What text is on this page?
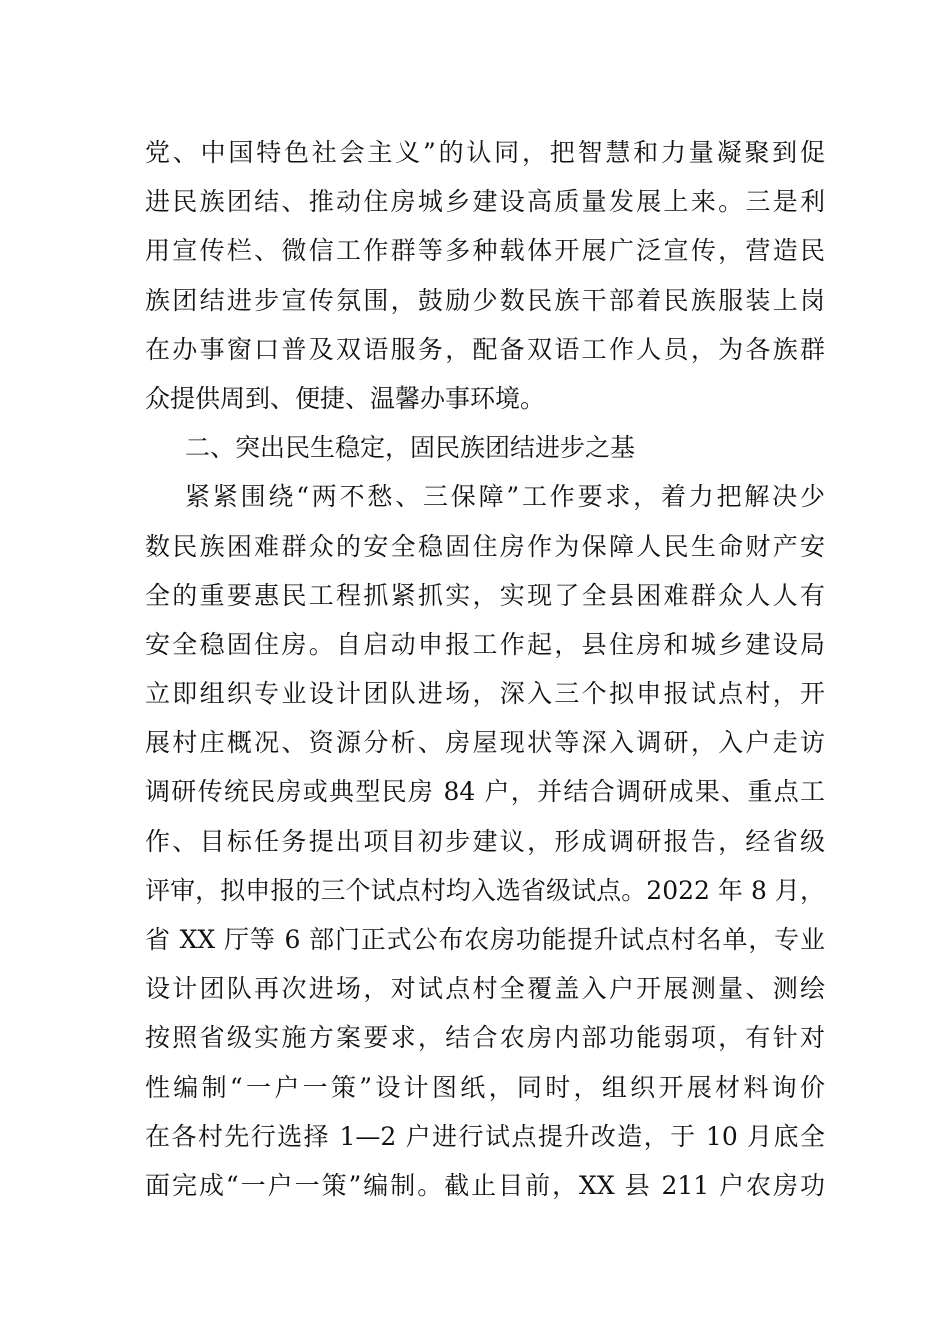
党、中国特色社会主义”的认同，把智慧和力量凝聚到促
进民族团结、推动住房城乡建设高质量发展上来。三是利
用宣传栏、微信工作群等多种载体开展广泛宣传，营造民
族团结进步宣传氛围，鼓励少数民族干部着民族服装上岗
在办事窗口普及双语服务，配备双语工作人员，为各族群
众提供周到、便捷、温馨办事环境。
二、突出民生稳定，固民族团结进步之基
紧紧围绕“两不愁、三保障”工作要求，着力把解决少
数民族困难群众的安全稳固住房作为保障人民生命财产安
全的重要惠民工程抓紧抓实，实现了全县困难群众人人有
安全稳固住房。自启动申报工作起，县住房和城乡建设局
立即组织专业设计团队进场，深入三个拟申报试点村，开
展村庄概况、资源分析、房屋现状等深入调研，入户走访
调研传统民房或典型民房 84 户，并结合调研成果、重点工
作、目标任务提出项目初步建议，形成调研报告，经省级
评审，拟申报的三个试点村均入选省级试点。2022 年 8 月，
省 XX 厅等 6 部门正式公布农房功能提升试点村名单，专业
设计团队再次进场，对试点村全覆盖入户开展测量、测绘
按照省级实施方案要求，结合农房内部功能弱项，有针对
性编制“一户一策”设计图纸，同时，组织开展材料询价
在各村先行选择 1—2 户进行试点提升改造，于 10 月底全
面完成“一户一策”编制。截止目前，XX 县 211 户农房功
